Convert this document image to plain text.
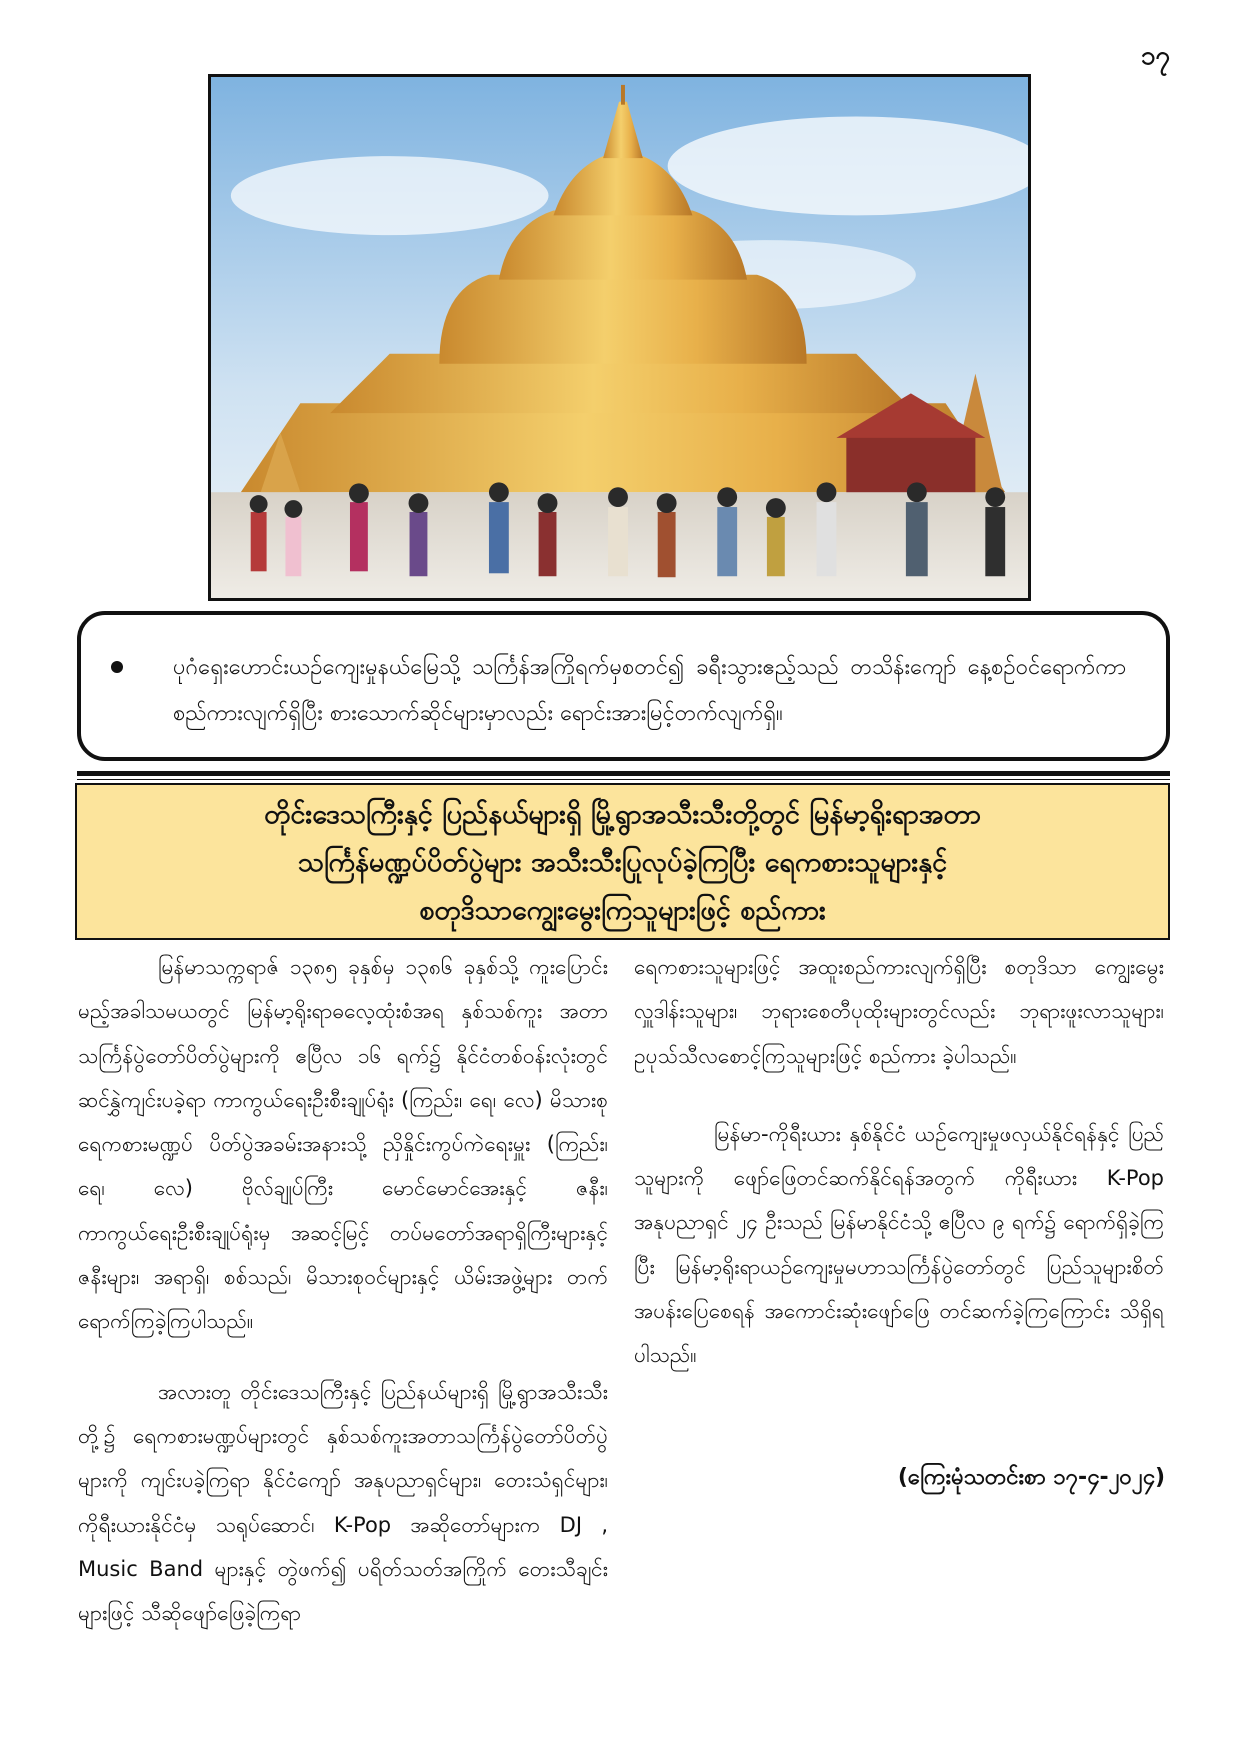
၁၇
ပုဂံရှေးဟောင်းယဉ်ကျေးမှုနယ်မြေသို့ သင်္ကြန်အကြိုရက်မှစတင်၍ ခရီးသွားဧည့်သည် တသိန်းကျော် နေ့စဉ်ဝင်ရောက်ကာ စည်ကားလျက်ရှိပြီး စားသောက်ဆိုင်များမှာလည်း ရောင်းအားမြင့်တက်လျက်ရှိ။
တိုင်းဒေသကြီးနှင့် ပြည်နယ်များရှိ မြို့ရွာအသီးသီးတို့တွင် မြန်မာ့ရိုးရာအတာ
သင်္ကြန်မဏ္ဍပ်ပိတ်ပွဲများ အသီးသီးပြုလုပ်ခဲ့ကြပြီး ရေကစားသူများနှင့်
စတုဒိသာကျွေးမွေးကြသူများဖြင့် စည်ကား

မြန်မာသက္ကရာဇ် ၁၃၈၅ ခုနှစ်မှ ၁၃၈၆ ခုနှစ်သို့ ကူးပြောင်းမည့်အခါသမယတွင် မြန်မာ့ရိုးရာဓလေ့ထုံးစံအရ နှစ်သစ်ကူး အတာသင်္ကြန်ပွဲတော်ပိတ်ပွဲများကို ဧပြီလ ၁၆ ရက်၌ နိုင်ငံတစ်ဝန်းလုံးတွင် ဆင်နွှဲကျင်းပခဲ့ရာ ကာကွယ်ရေးဦးစီးချုပ်ရုံး (ကြည်း၊ ရေ၊ လေ) မိသားစုရေကစားမဏ္ဍပ် ပိတ်ပွဲအခမ်းအနားသို့ ညှိနှိုင်းကွပ်ကဲရေးမှူး (ကြည်း၊ ရေ၊ လေ) ဗိုလ်ချုပ်ကြီး မောင်မောင်အေးနှင့် ဇနီး၊ ကာကွယ်ရေးဦးစီးချုပ်ရုံးမှ အဆင့်မြင့် တပ်မတော်အရာရှိကြီးများနှင့် ဇနီးများ၊ အရာရှိ၊ စစ်သည်၊ မိသားစုဝင်များနှင့် ယိမ်းအဖွဲ့များ တက်ရောက်ကြခဲ့ကြပါသည်။

အလားတူ တိုင်းဒေသကြီးနှင့် ပြည်နယ်များရှိ မြို့ရွာအသီးသီးတို့၌ ရေကစားမဏ္ဍပ်များတွင် နှစ်သစ်ကူးအတာသင်္ကြန်ပွဲတော်ပိတ်ပွဲများကို ကျင်းပခဲ့ကြရာ နိုင်ငံကျော် အနုပညာရှင်များ၊ တေးသံရှင်များ၊ ကိုရီးယားနိုင်ငံမှ သရုပ်ဆောင်၊ K-Pop အဆိုတော်များက DJ , Music Band များနှင့် တွဲဖက်၍ ပရိတ်သတ်အကြိုက် တေးသီချင်းများဖြင့် သီဆိုဖျော်ဖြေခဲ့ကြရာ

ရေကစားသူများဖြင့် အထူးစည်ကားလျက်ရှိပြီး စတုဒိသာ ကျွေးမွေးလှူဒါန်းသူများ၊ ဘုရားစေတီပုထိုးများတွင်လည်း ဘုရားဖူးလာသူများ၊ ဥပုသ်သီလစောင့်ကြသူများဖြင့် စည်ကား ခဲ့ပါသည်။

မြန်မာ-ကိုရီးယား နှစ်နိုင်ငံ ယဉ်ကျေးမှုဖလှယ်နိုင်ရန်နှင့် ပြည်သူများကို ဖျော်ဖြေတင်ဆက်နိုင်ရန်အတွက် ကိုရီးယား K-Pop အနုပညာရှင် ၂၄ ဦးသည် မြန်မာနိုင်ငံသို့ ဧပြီလ ၉ ရက်၌ ရောက်ရှိခဲ့ကြပြီး မြန်မာ့ရိုးရာယဉ်ကျေးမှုမဟာသင်္ကြန်ပွဲတော်တွင် ပြည်သူများစိတ်အပန်းပြေစေရန် အကောင်းဆုံးဖျော်ဖြေ တင်ဆက်ခဲ့ကြကြောင်း သိရှိရပါသည်။

(ကြေးမုံသတင်းစာ ၁၇-၄-၂၀၂၄)
